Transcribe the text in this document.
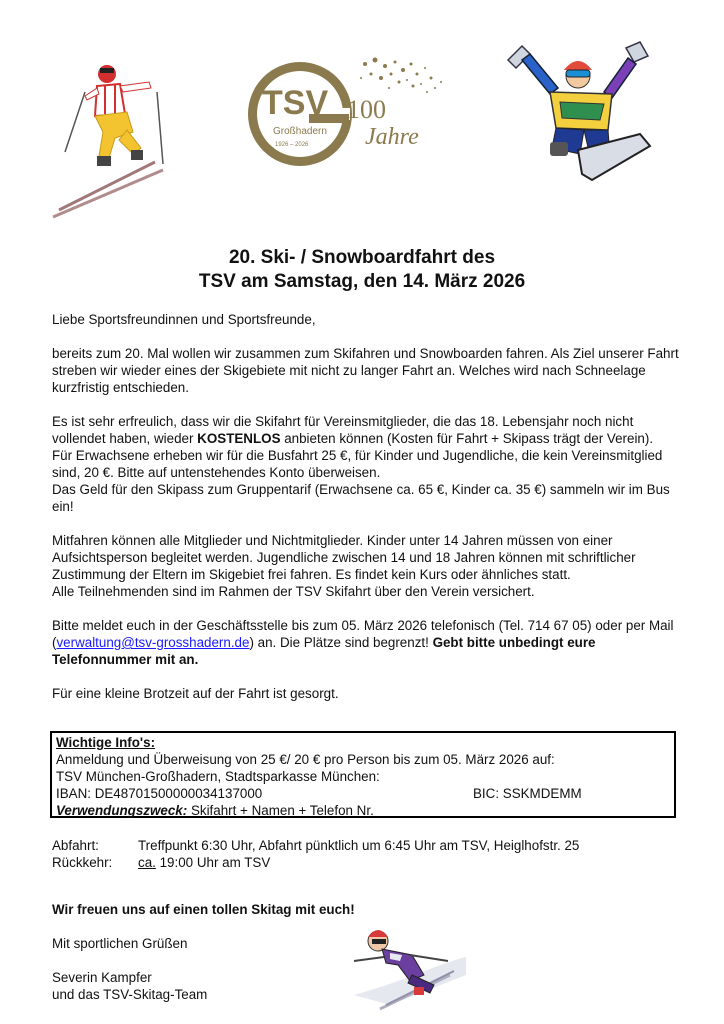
TSV
Großhadern
1926 – 2026
100
Jahre
20. Ski- / Snowboardfahrt des
TSV am Samstag, den 14. März 2026

Liebe Sportsfreundinnen und Sportsfreunde,

bereits zum 20. Mal wollen wir zusammen zum Skifahren und Snowboarden fahren. Als Ziel unserer Fahrt streben wir wieder eines der Skigebiete mit nicht zu langer Fahrt an. Welches wird nach Schneelage kurzfristig entschieden.

Es ist sehr erfreulich, dass wir die Skifahrt für Vereinsmitglieder, die das 18. Lebensjahr noch nicht vollendet haben, wieder KOSTENLOS anbieten können (Kosten für Fahrt + Skipass trägt der Verein).

Für Erwachsene erheben wir für die Busfahrt 25 €, für Kinder und Jugendliche, die kein Vereinsmitglied sind, 20 €. Bitte auf untenstehendes Konto überweisen.

Das Geld für den Skipass zum Gruppentarif (Erwachsene ca. 65 €, Kinder ca. 35 €) sammeln wir im Bus ein!

Mitfahren können alle Mitglieder und Nichtmitglieder. Kinder unter 14 Jahren müssen von einer Aufsichtsperson begleitet werden. Jugendliche zwischen 14 und 18 Jahren können mit schriftlicher Zustimmung der Eltern im Skigebiet frei fahren. Es findet kein Kurs oder ähnliches statt.

Alle Teilnehmenden sind im Rahmen der TSV Skifahrt über den Verein versichert.

Bitte meldet euch in der Geschäftsstelle bis zum 05. März 2026 telefonisch (Tel. 714 67 05) oder per Mail (verwaltung@tsv-grosshadern.de) an. Die Plätze sind begrenzt! Gebt bitte unbedingt eure Telefonnummer mit an.

Für eine kleine Brotzeit auf der Fahrt ist gesorgt.

Wichtige Info's:
Anmeldung und Überweisung von 25 €/ 20 € pro Person bis zum 05. März 2026 auf:
TSV München-Großhadern, Stadtsparkasse München:
IBAN: DE48701500000034137000	BIC: SSKMDEMM
Verwendungszweck: Skifahrt + Namen + Telefon Nr.
Abfahrt:	Treffpunkt 6:30 Uhr, Abfahrt pünktlich um 6:45 Uhr am TSV, Heiglhofstr. 25
Rückkehr: ca. 19:00 Uhr am TSV
Wir freuen uns auf einen tollen Skitag mit euch!
Mit sportlichen Grüßen
Severin Kampfer
und das TSV-Skitag-Team
